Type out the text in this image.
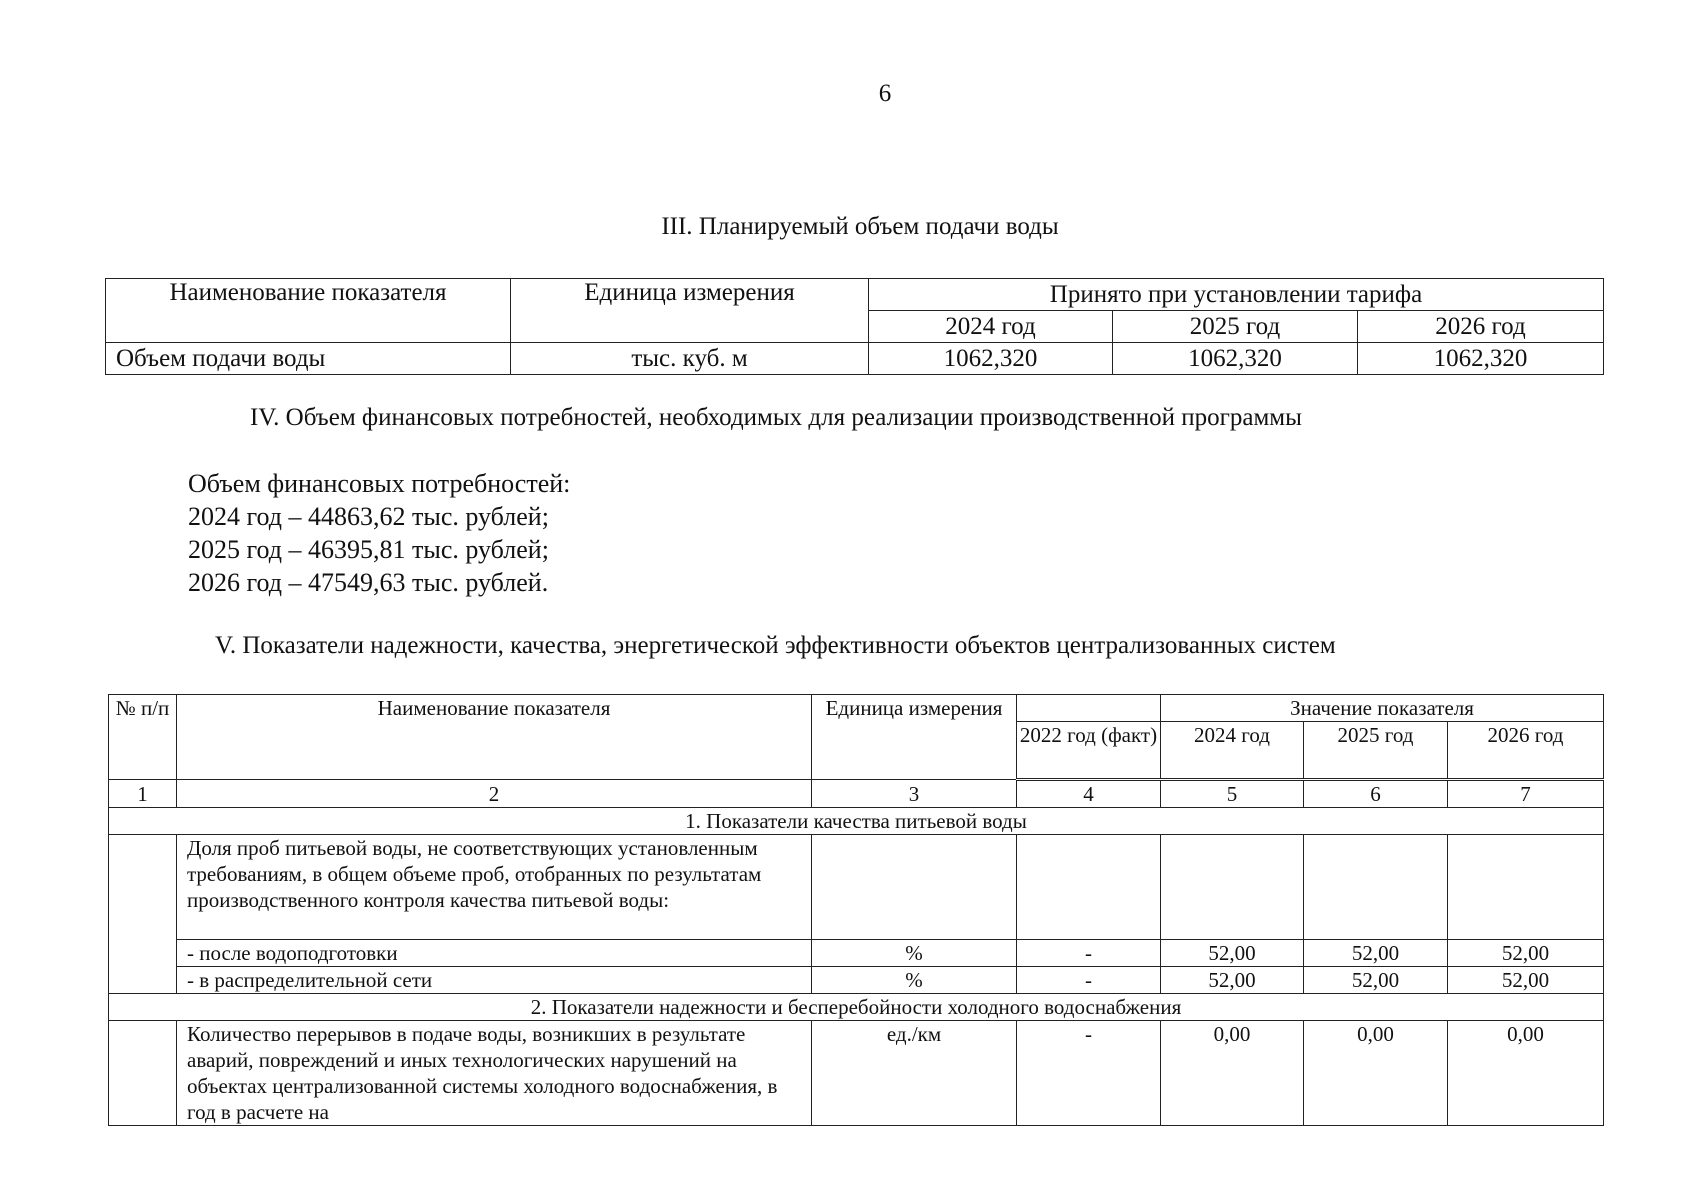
6
III. Планируемый объем подачи воды
Наименование показателя	Единица измерения	Принято при установлении тарифа		
		2024 год	2025 год	2026 год
Объем подачи воды	тыс. куб. м	1062,320	1062,320	1062,320
IV. Объем финансовых потребностей, необходимых для реализации производственной программы
Объем финансовых потребностей:
2024 год – 44863,62 тыс. рублей;
2025 год – 46395,81 тыс. рублей;
2026 год – 47549,63 тыс. рублей.
V. Показатели надежности, качества, энергетической эффективности объектов централизованных систем
№ п/п	Наименование показателя	Единица измерения		Значение показателя		
			2022 год (факт)	2024 год	2025 год	2026 год
1	2	3	4	5	6	7
1. Показатели качества питьевой воды						
	Доля проб питьевой воды, не соответствующих установленным требованиям, в общем объеме проб, отобранных по результатам производственного контроля качества питьевой воды:					
	- после водоподготовки	%	-	52,00	52,00	52,00
	- в распределительной сети	%	-	52,00	52,00	52,00
2. Показатели надежности и бесперебойности холодного водоснабжения						
	Количество перерывов в подаче воды, возникших в результате аварий, повреждений и иных технологических нарушений на объектах централизованной системы холодного водоснабжения, в год в расчете на	ед./км	-	0,00	0,00	0,00
